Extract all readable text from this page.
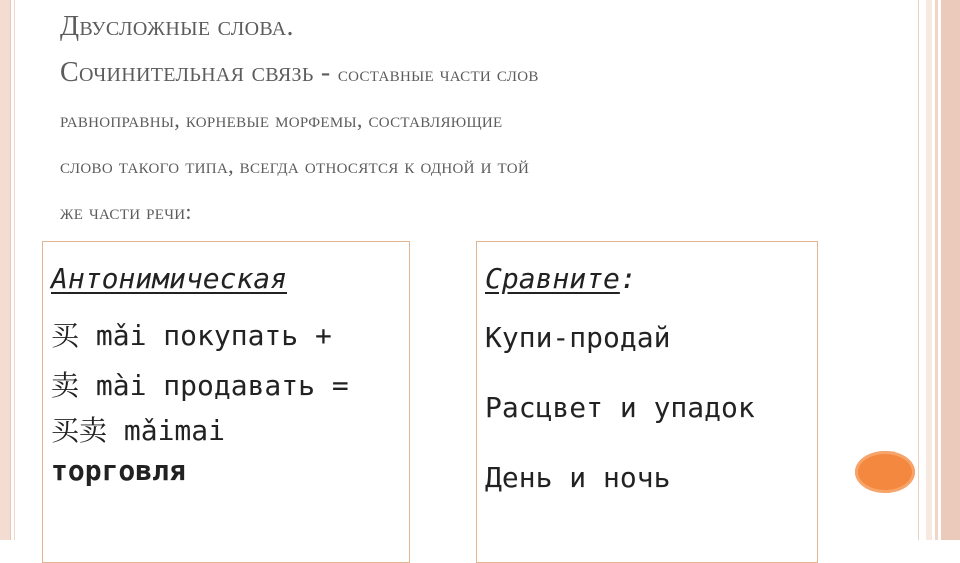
Двусложные слова.
Сочинительная связь - составные части слов
равноправны, корневые морфемы, составляющие
слово такого типа, всегда относятся к одной и той
же части речи:
Антонимическая
买 mǎi покупать +
卖 mài продавать =
买卖 mǎimai
торговля
Сравните:
Купи-продай
Расцвет и упадок
День и ночь
